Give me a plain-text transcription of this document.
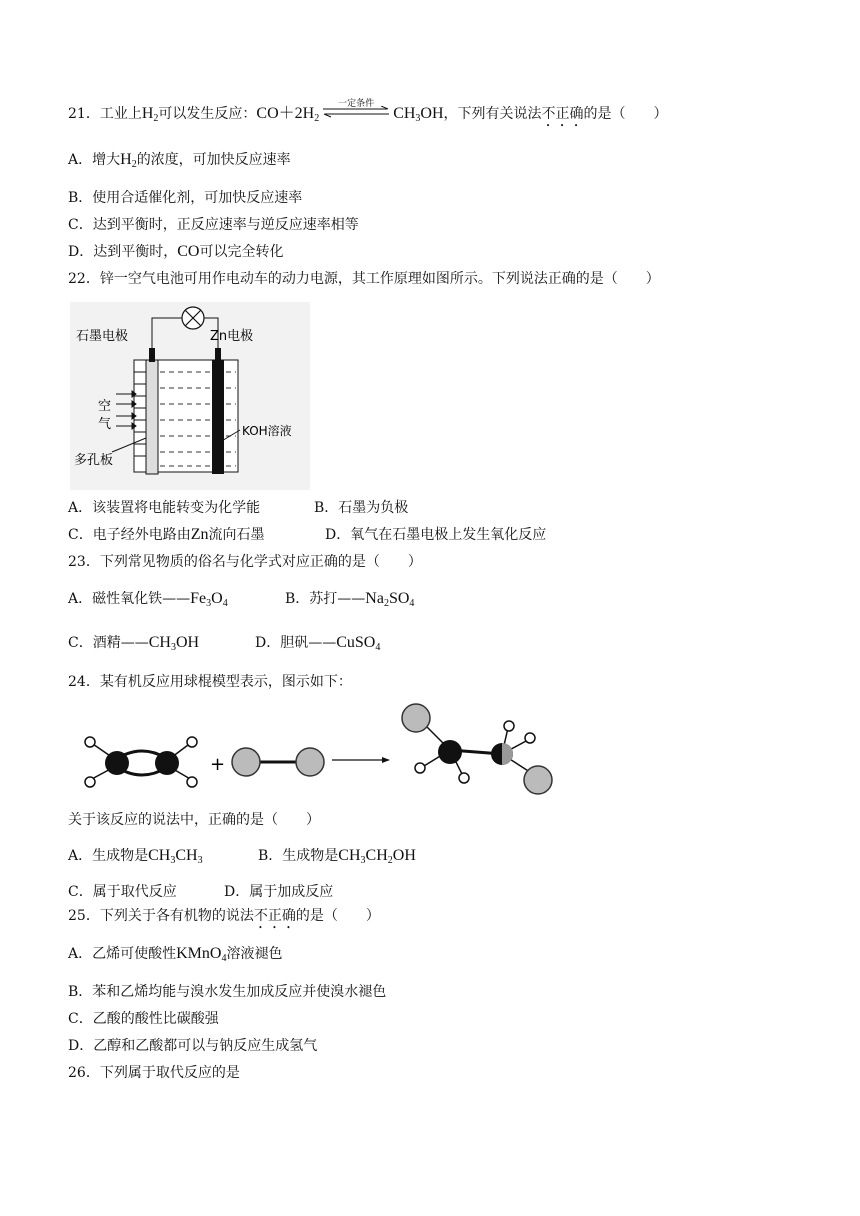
21．工业上$H_2$可以发生反应：$CO+2H_2$
一定条件
$CH_3OH$，下列有关说法不正确的是（　　）
A．增大$H_2$的浓度，可加快反应速率
B．使用合适催化剂，可加快反应速率
C．达到平衡时，正反应速率与逆反应速率相等
D．达到平衡时，CO可以完全转化
22．锌一空气电池可用作电动车的动力电源，其工作原理如图所示。下列说法正确的是（　　）
石墨电极	Zn电极
空
气
多孔板
KOH溶液
A．该装置将电能转变为化学能	B．石墨为负极
C．电子经外电路由Zn流向石墨	D．氧气在石墨电极上发生氧化反应
23．下列常见物质的俗名与化学式对应正确的是（　　）
A．磁性氧化铁$——Fe_3O_4$	B．苏打$——Na_2SO_4$
C．酒精$——CH_3OH$	D．胆矾——CuSO$_4$
24．某有机反应用球棍模型表示，图示如下：
+
关于该反应的说法中，正确的是（　　）
A．生成物是$CH_3CH_3$	B．生成物是$CH_3CH_2OH$
C．属于取代反应	D．属于加成反应
25．下列关于各有机物的说法不正确的是（　　）
A．乙烯可使酸性KMnO$_4$溶液褪色
B．苯和乙烯均能与溴水发生加成反应并使溴水褪色
C．乙酸的酸性比碳酸强
D．乙醇和乙酸都可以与钠反应生成氢气
26．下列属于取代反应的是
